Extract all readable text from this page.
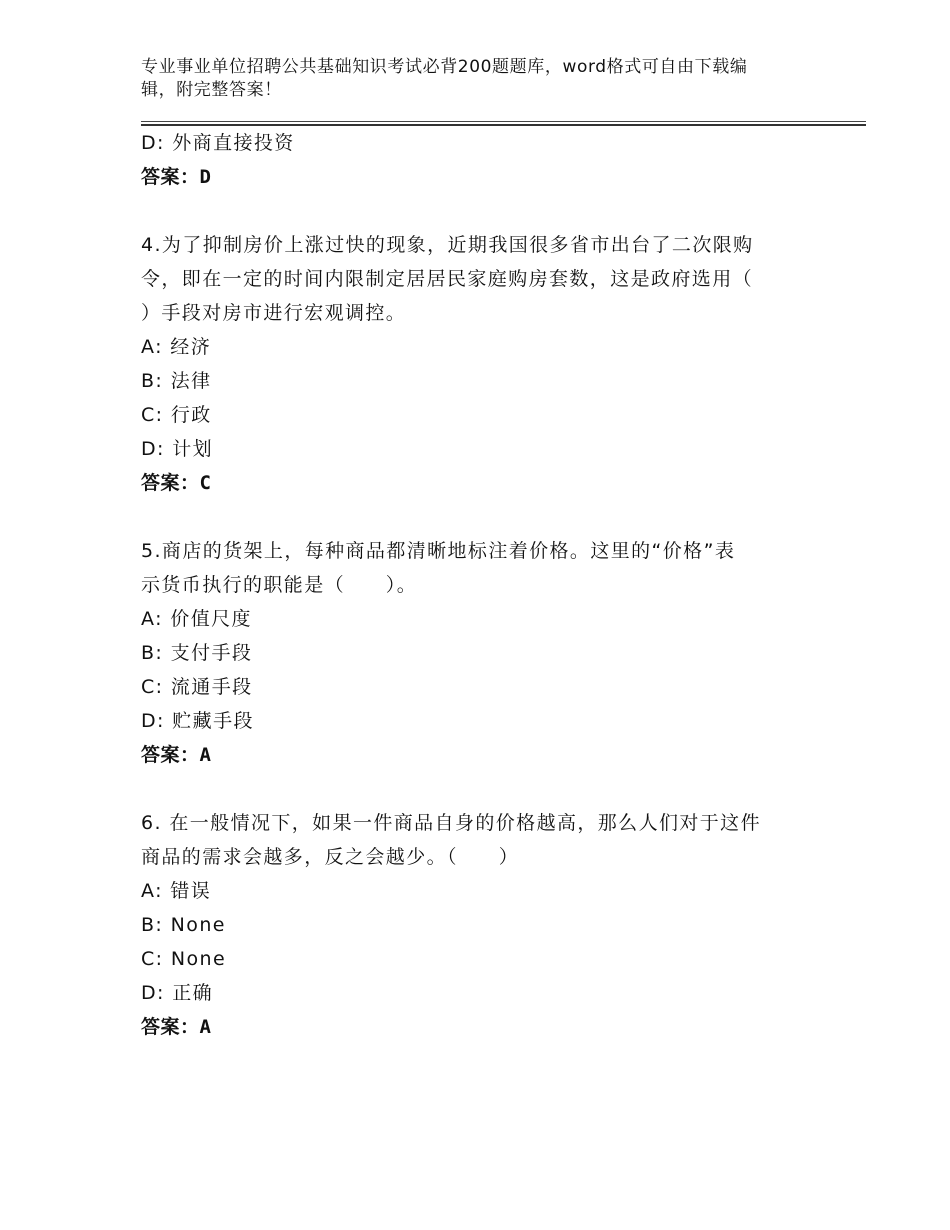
专业事业单位招聘公共基础知识考试必背200题题库，word格式可自由下载编
辑，附完整答案！
D: 外商直接投资
答案：D
4.为了抑制房价上涨过快的现象，近期我国很多省市出台了二次限购
令，即在一定的时间内限制定居居民家庭购房套数，这是政府选用（
）手段对房市进行宏观调控。
A: 经济
B: 法律
C: 行政
D: 计划
答案：C
5.商店的货架上，每种商品都清晰地标注着价格。这里的“价格”表
示货币执行的职能是（　　）。
A: 价值尺度
B: 支付手段
C: 流通手段
D: 贮藏手段
答案：A
6. 在一般情况下，如果一件商品自身的价格越高，那么人们对于这件
商品的需求会越多，反之会越少。（　　）
A: 错误
B: None
C: None
D: 正确
答案：A
